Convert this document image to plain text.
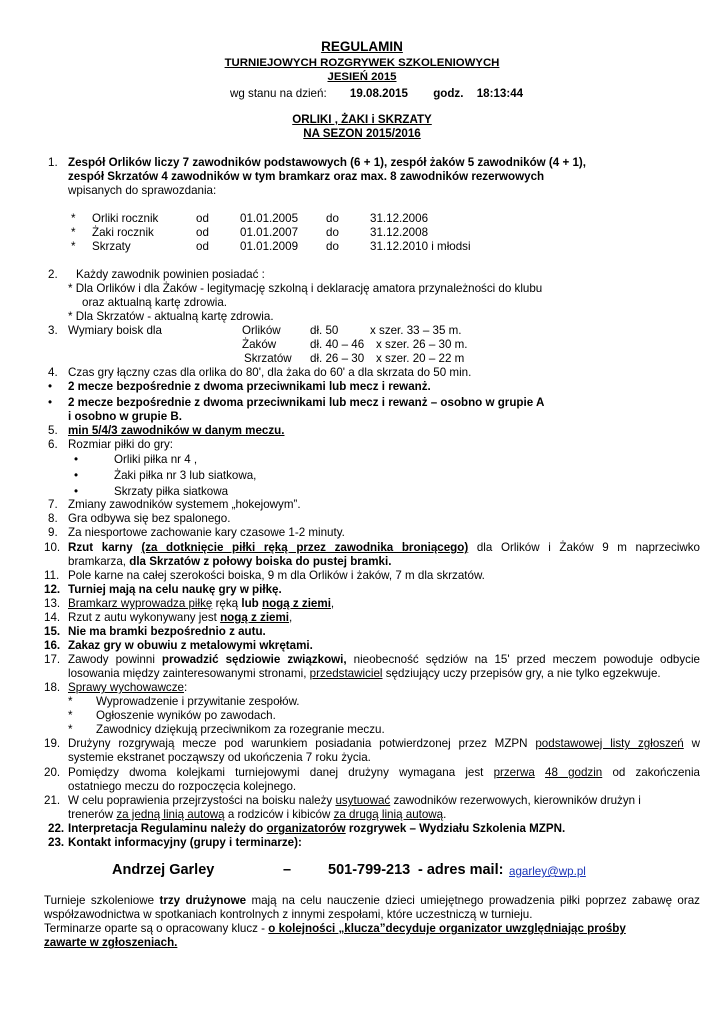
REGULAMIN
TURNIEJOWYCH ROZGRYWEK SZKOLENIOWYCH
JESIEŃ 2015
wg stanu na dzień: 19.08.2015 godz. 18:13:44
ORLIKI , ŻAKI i SKRZATY
NA SEZON 2015/2016
1. Zespół Orlików liczy 7 zawodników podstawowych (6 + 1), zespół żaków 5 zawodników (4 + 1),
zespół Skrzatów 4 zawodników w tym bramkarz oraz max. 8 zawodników rezerwowych
wpisanych do sprawozdania:
* Orliki rocznik	od	01.01.2005 do	31.12.2006
* Żaki rocznik	od	01.01.2007 do	31.12.2008
* Skrzaty	od	01.01.2009 do	31.12.2010 i młodsi
2. Każdy zawodnik powinien posiadać :
* Dla Orlików i dla Żaków - legitymację szkolną i deklarację amatora przynależności do klubu
oraz aktualną kartę zdrowia.
* Dla Skrzatów - aktualną kartę zdrowia.
3. Wymiary boisk dla	Orlików	dł. 50	x szer. 33 – 35 m.
Żaków	dł. 40 – 46 x szer. 26 – 30 m.
Skrzatów dł. 26 – 30 x szer. 20 – 22 m
4. Czas gry łączny czas dla orlika do 80', dla żaka do 60' a dla skrzata do 50 min.
• 2 mecze bezpośrednie z dwoma przeciwnikami lub mecz i rewanż.
• 2 mecze bezpośrednie z dwoma przeciwnikami lub mecz i rewanż – osobno w grupie A
i osobno w grupie B.
5. min 5/4/3 zawodników w danym meczu.
6. Rozmiar piłki do gry:
•	Orliki piłka nr 4 ,
•	Żaki piłka nr 3 lub siatkowa,
•	Skrzaty piłka siatkowa
7. Zmiany zawodników systemem „hokejowym”.
8. Gra odbywa się bez spalonego.
9. Za niesportowe zachowanie kary czasowe 1-2 minuty.
10. Rzut karny (za dotknięcie piłki ręką przez zawodnika broniącego) dla Orlików i Żaków 9 m naprzeciwko
bramkarza, dla Skrzatów z połowy boiska do pustej bramki.
11. Pole karne na całej szerokości boiska, 9 m dla Orlików i żaków, 7 m dla skrzatów.
12. Turniej mają na celu naukę gry w piłkę.
13. Bramkarz wyprowadza piłkę ręką lub nogą z ziemi,
14. Rzut z autu wykonywany jest nogą z ziemi,
15. Nie ma bramki bezpośrednio z autu.
16. Zakaz gry w obuwiu z metalowymi wkrętami.
17. Zawody powinni prowadzić sędziowie związkowi, nieobecność sędziów na 15' przed meczem powoduje odbycie
losowania między zainteresowanymi stronami, przedstawiciel sędziujący uczy przepisów gry, a nie tylko egzekwuje.
18. Sprawy wychowawcze:
* Wyprowadzenie i przywitanie zespołów.
* Ogłoszenie wyników po zawodach.
* Zawodnicy dziękują przeciwnikom za rozegranie meczu.
19. Drużyny rozgrywają mecze pod warunkiem posiadania potwierdzonej przez MZPN podstawowej listy zgłoszeń w
systemie ekstranet począwszy od ukończenia 7 roku życia.
20. Pomiędzy dwoma kolejkami turniejowymi danej drużyny wymagana jest przerwa 48 godzin od zakończenia
ostatniego meczu do rozpoczęcia kolejnego.
21. W celu poprawienia przejrzystości na boisku należy usytuować zawodników rezerwowych, kierowników drużyn i
trenerów za jedną linią autową a rodziców i kibiców za drugą linią autową.
22. Interpretacja Regulaminu należy do organizatorów rozgrywek – Wydziału Szkolenia MZPN.
23. Kontakt informacyjny (grupy i terminarze):
Andrzej Garley	–	501-799-213 - adres mail: agarley@wp.pl
Turnieje szkoleniowe trzy drużynowe mają na celu nauczenie dzieci umiejętnego prowadzenia piłki poprzez zabawę oraz
współzawodnictwa w spotkaniach kontrolnych z innymi zespołami, które uczestniczą w turnieju.
Terminarze oparte są o opracowany klucz - o kolejności „klucza”decyduje organizator uwzględniając prośby
zawarte w zgłoszeniach.
